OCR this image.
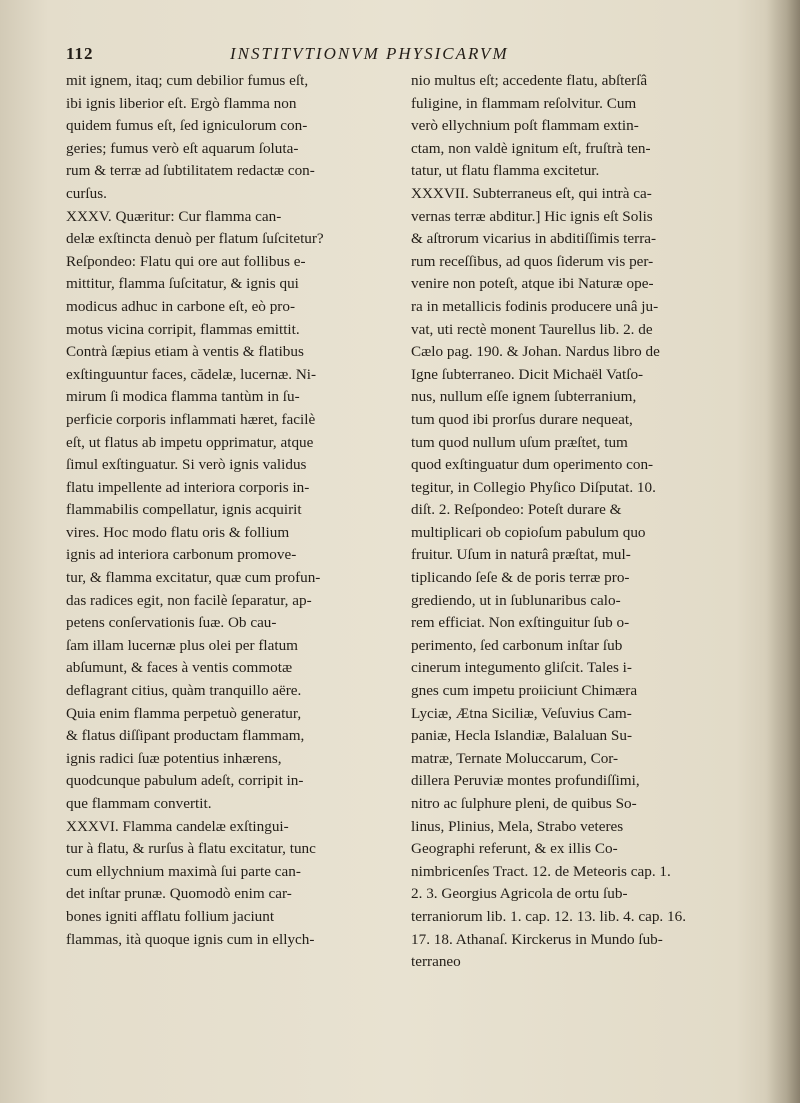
112	INSTITVTIONVM PHYSICARVM
mit ignem, itaq; cum debilior fumus eſt,
ibi ignis liberior eſt. Ergò flamma non
quidem fumus eſt, ſed igniculorum con-
geries; fumus verò eſt aquarum ſoluta-
rum & terræ ad ſubtilitatem redactæ con-
curſus.
XXXV. Quæritur: Cur flamma can-
delæ exſtincta denuò per flatum ſuſcitetur?
Reſpondeo: Flatu qui ore aut follibus e-
mittitur, flamma ſuſcitatur, & ignis qui
modicus adhuc in carbone eſt, eò pro-
motus vicina corripit, flammas emittit.
Contrà ſæpius etiam à ventis & flatibus
exſtinguuntur faces, cădelæ, lucernæ. Ni-
mirum ſi modica flamma tantùm in ſu-
perficie corporis inflammati hæret, facilè
eſt, ut flatus ab impetu opprimatur, atque
ſimul exſtinguatur. Si verò ignis validus
flatu impellente ad interiora corporis in-
flammabilis compellatur, ignis acquirit
vires. Hoc modo flatu oris & follium
ignis ad interiora carbonum promove-
tur, & flamma excitatur, quæ cum profun-
das radices egit, non facilè ſeparatur, ap-
petens conſervationis ſuæ. Ob cau-
ſam illam lucernæ plus olei per flatum
abſumunt, & faces à ventis commotæ
deflagrant citius, quàm tranquillo aëre.
Quia enim flamma perpetuò generatur,
& flatus diſſipant productam flammam,
ignis radici ſuæ potentius inhærens,
quodcunque pabulum adeſt, corripit in-
que flammam convertit.
XXXVI. Flamma candelæ exſtingui-
tur à flatu, & rurſus à flatu excitatur, tunc
cum ellychnium maximà ſui parte can-
det inſtar prunæ. Quomodò enim car-
bones igniti afflatu follium jaciunt
flammas, ità quoque ignis cum in ellych-
nio multus eſt; accedente flatu, abſterſâ
fuligine, in flammam reſolvitur. Cum
verò ellychnium poſt flammam extin-
ctam, non valdè ignitum eſt, fruſtrà ten-
tatur, ut flatu flamma excitetur.
XXXVII. Subterraneus eſt, qui intrà ca-
vernas terræ abditur.] Hic ignis eſt Solis
& aſtrorum vicarius in abditiſſimis terra-
rum receſſibus, ad quos ſiderum vis per-
venire non poteſt, atque ibi Naturæ ope-
ra in metallicis fodinis producere unâ ju-
vat, uti rectè monent Taurellus lib. 2. de
Cælo pag. 190. & Johan. Nardus libro de
Igne ſubterraneo. Dicit Michaël Vatſo-
nus, nullum eſſe ignem ſubterranium,
tum quod ibi prorſus durare nequeat,
tum quod nullum uſum præſtet, tum
quod exſtinguatur dum operimento con-
tegitur, in Collegio Phyſico Diſputat. 10.
diſt. 2. Reſpondeo: Poteſt durare &
multiplicari ob copioſum pabulum quo
fruitur. Uſum in naturâ præſtat, mul-
tiplicando ſeſe & de poris terræ pro-
grediendo, ut in ſublunaribus calo-
rem efficiat. Non exſtinguitur ſub o-
perimento, ſed carbonum inſtar ſub
cinerum integumento gliſcit. Tales i-
gnes cum impetu proiiciunt Chimæra
Lyciæ, Ætna Siciliæ, Veſuvius Cam-
paniæ, Hecla Islandiæ, Balaluan Su-
matræ, Ternate Moluccarum, Cor-
dillera Peruviæ montes profundiſſimi,
nitro ac ſulphure pleni, de quibus So-
linus, Plinius, Mela, Strabo veteres
Geographi referunt, & ex illis Co-
nimbricenſes Tract. 12. de Meteoris cap. 1.
2. 3. Georgius Agricola de ortu ſub-
terraniorum lib. 1. cap. 12. 13. lib. 4. cap. 16.
17. 18. Athanaſ. Kirckerus in Mundo ſub-
terraneo
